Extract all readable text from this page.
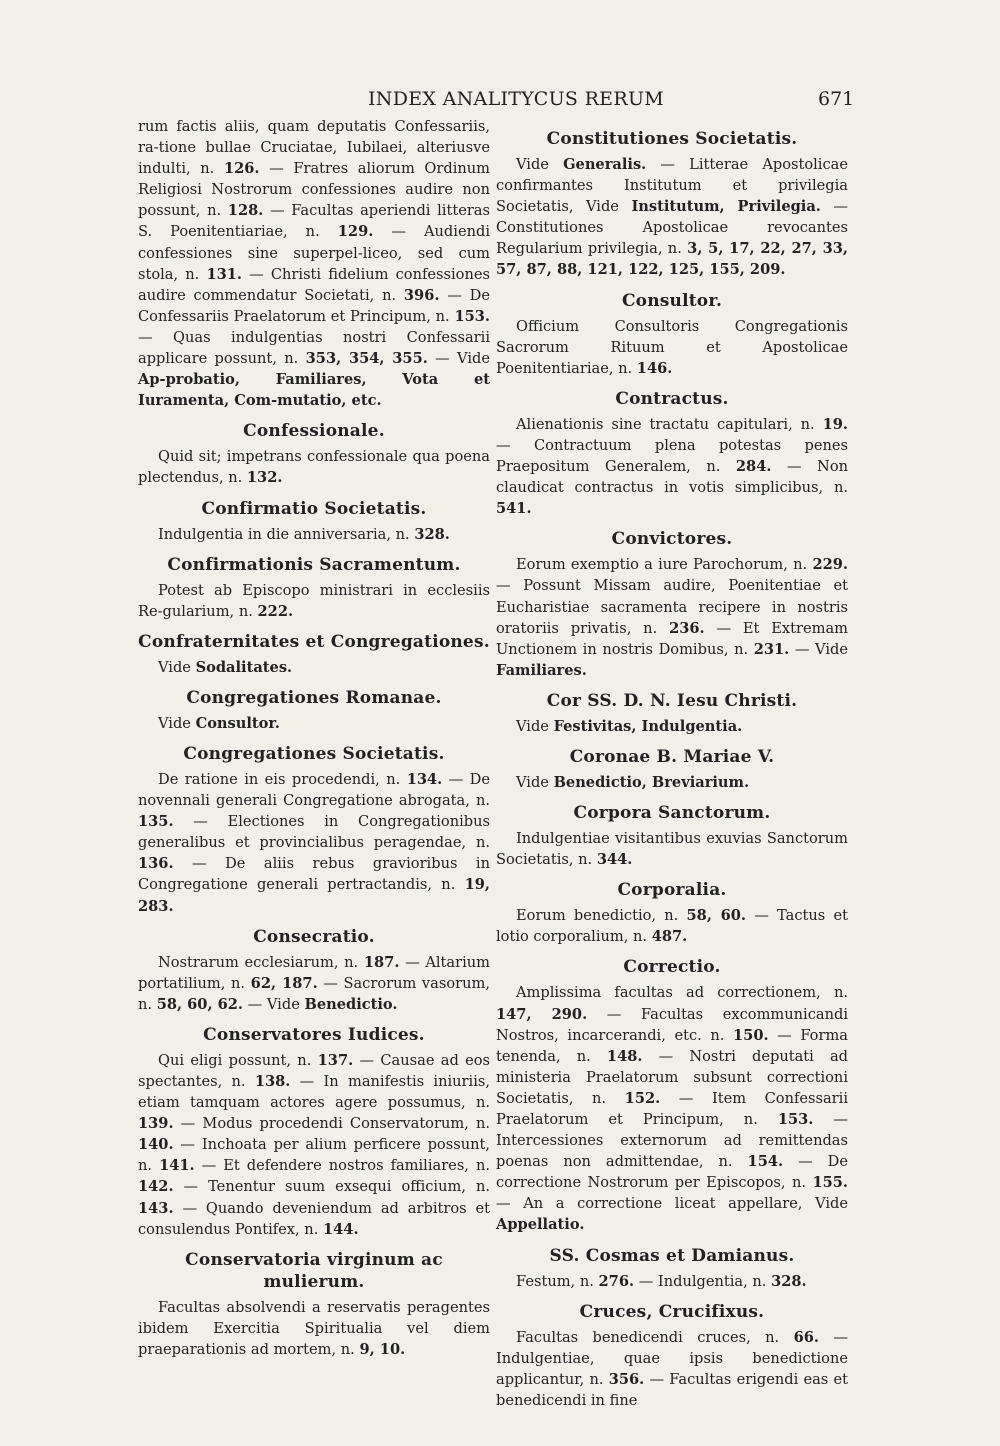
INDEX ANALITYCUS RERUM	671

rum factis aliis, quam deputatis Confessariis, ra-tione bullae Cruciatae, Iubilaei, alteriusve indulti, n. 126. — Fratres aliorum Ordinum Religiosi Nostrorum confessiones audire non possunt, n. 128. — Facultas aperiendi litteras S. Poenitentiariae, n. 129. — Audiendi confessiones sine superpel-liceo, sed cum stola, n. 131. — Christi fidelium confessiones audire commendatur Societati, n. 396. — De Confessariis Praelatorum et Principum, n. 153. — Quas indulgentias nostri Confessarii applicare possunt, n. 353, 354, 355. — Vide Ap-probatio, Familiares, Vota et Iuramenta, Com-mutatio, etc.

Confessionale.

Quid sit; impetrans confessionale qua poena plectendus, n. 132.

Confirmatio Societatis.

Indulgentia in die anniversaria, n. 328.

Confirmationis Sacramentum.

Potest ab Episcopo ministrari in ecclesiis Re-gularium, n. 222.

Confraternitates et Congregationes.

Vide Sodalitates.

Congregationes Romanae.

Vide Consultor.

Congregationes Societatis.

De ratione in eis procedendi, n. 134. — De novennali generali Congregatione abrogata, n. 135. — Electiones in Congregationibus generalibus et provincialibus peragendae, n. 136. — De aliis rebus gravioribus in Congregatione generali pertractandis, n. 19, 283.

Consecratio.

Nostrarum ecclesiarum, n. 187. — Altarium portatilium, n. 62, 187. — Sacrorum vasorum, n. 58, 60, 62. — Vide Benedictio.

Conservatores Iudices.

Qui eligi possunt, n. 137. — Causae ad eos spectantes, n. 138. — In manifestis iniuriis, etiam tamquam actores agere possumus, n. 139. — Modus procedendi Conservatorum, n. 140. — Inchoata per alium perficere possunt, n. 141. — Et defendere nostros familiares, n. 142. — Tenentur suum exsequi officium, n. 143. — Quando deveniendum ad arbitros et consulendus Pontifex, n. 144.

Conservatoria virginum ac mulierum.

Facultas absolvendi a reservatis peragentes ibidem Exercitia Spiritualia vel diem praeparationis ad mortem, n. 9, 10.

Constitutiones Societatis.

Vide Generalis. — Litterae Apostolicae confirmantes Institutum et privilegia Societatis, Vide Institutum, Privilegia. — Constitutiones Apostolicae revocantes Regularium privilegia, n. 3, 5, 17, 22, 27, 33, 57, 87, 88, 121, 122, 125, 155, 209.

Consultor.

Officium Consultoris Congregationis Sacrorum Rituum et Apostolicae Poenitentiariae, n. 146.

Contractus.

Alienationis sine tractatu capitulari, n. 19. — Contractuum plena potestas penes Praepositum Generalem, n. 284. — Non claudicat contractus in votis simplicibus, n. 541.

Convictores.

Eorum exemptio a iure Parochorum, n. 229. — Possunt Missam audire, Poenitentiae et Eucharistiae sacramenta recipere in nostris oratoriis privatis, n. 236. — Et Extremam Unctionem in nostris Domibus, n. 231. — Vide Familiares.

Cor SS. D. N. Iesu Christi.

Vide Festivitas, Indulgentia.

Coronae B. Mariae V.

Vide Benedictio, Breviarium.

Corpora Sanctorum.

Indulgentiae visitantibus exuvias Sanctorum Societatis, n. 344.

Corporalia.

Eorum benedictio, n. 58, 60. — Tactus et lotio corporalium, n. 487.

Correctio.

Amplissima facultas ad correctionem, n. 147, 290. — Facultas excommunicandi Nostros, incarcerandi, etc. n. 150. — Forma tenenda, n. 148. — Nostri deputati ad ministeria Praelatorum subsunt correctioni Societatis, n. 152. — Item Confessarii Praelatorum et Principum, n. 153. — Intercessiones externorum ad remittendas poenas non admittendae, n. 154. — De correctione Nostrorum per Episcopos, n. 155. — An a correctione liceat appellare, Vide Appellatio.

SS. Cosmas et Damianus.

Festum, n. 276. — Indulgentia, n. 328.

Cruces, Crucifixus.

Facultas benedicendi cruces, n. 66. — Indulgentiae, quae ipsis benedictione applicantur, n. 356. — Facultas erigendi eas et benedicendi in fine
